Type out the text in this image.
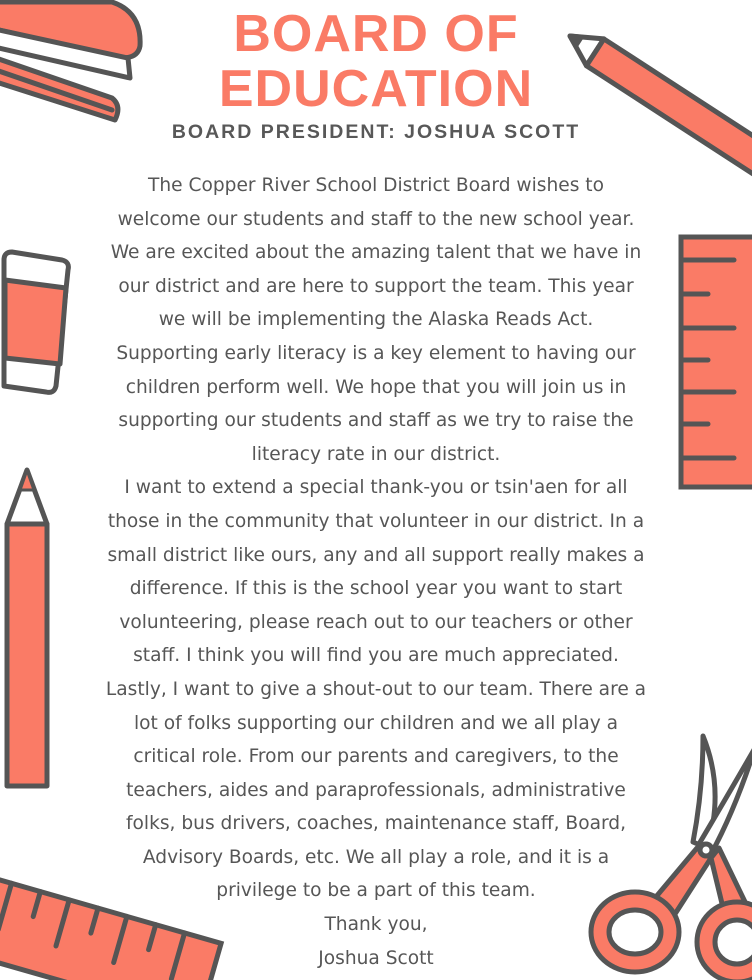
BOARD OF
EDUCATION
BOARD PRESIDENT: JOSHUA SCOTT
The Copper River School District Board wishes to
welcome our students and staff to the new school year.
We are excited about the amazing talent that we have in
our district and are here to support the team. This year
we will be implementing the Alaska Reads Act.
Supporting early literacy is a key element to having our
children perform well. We hope that you will join us in
supporting our students and staff as we try to raise the
literacy rate in our district.
I want to extend a special thank-you or tsin'aen for all
those in the community that volunteer in our district. In a
small district like ours, any and all support really makes a
difference. If this is the school year you want to start
volunteering, please reach out to our teachers or other
staff. I think you will find you are much appreciated.
Lastly, I want to give a shout-out to our team. There are a
lot of folks supporting our children and we all play a
critical role. From our parents and caregivers, to the
teachers, aides and paraprofessionals, administrative
folks, bus drivers, coaches, maintenance staff, Board,
Advisory Boards, etc. We all play a role, and it is a
privilege to be a part of this team.
Thank you,
Joshua Scott
